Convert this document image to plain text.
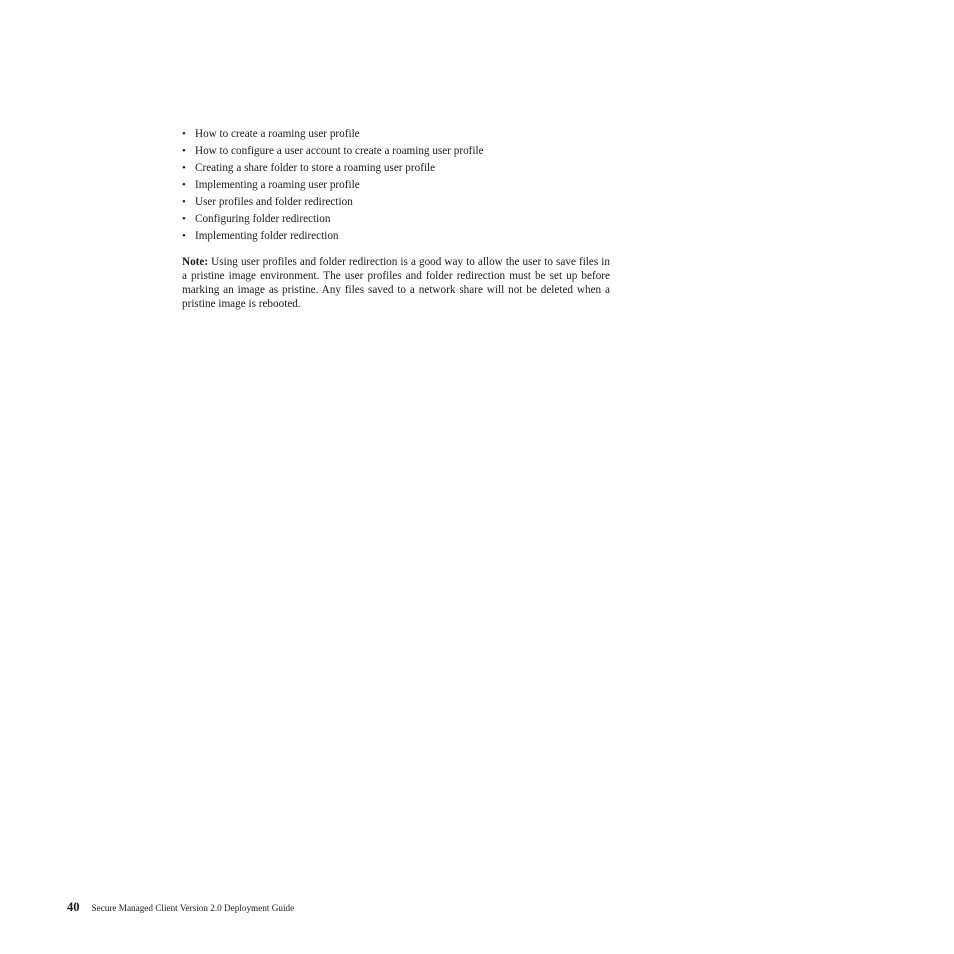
• How to create a roaming user profile
• How to configure a user account to create a roaming user profile
• Creating a share folder to store a roaming user profile
• Implementing a roaming user profile
• User profiles and folder redirection
• Configuring folder redirection
• Implementing folder redirection

Note: Using user profiles and folder redirection is a good way to allow the user to save files in a pristine image environment. The user profiles and folder redirection must be set up before marking an image as pristine. Any files saved to a network share will not be deleted when a pristine image is rebooted.

40 Secure Managed Client Version 2.0 Deployment Guide
